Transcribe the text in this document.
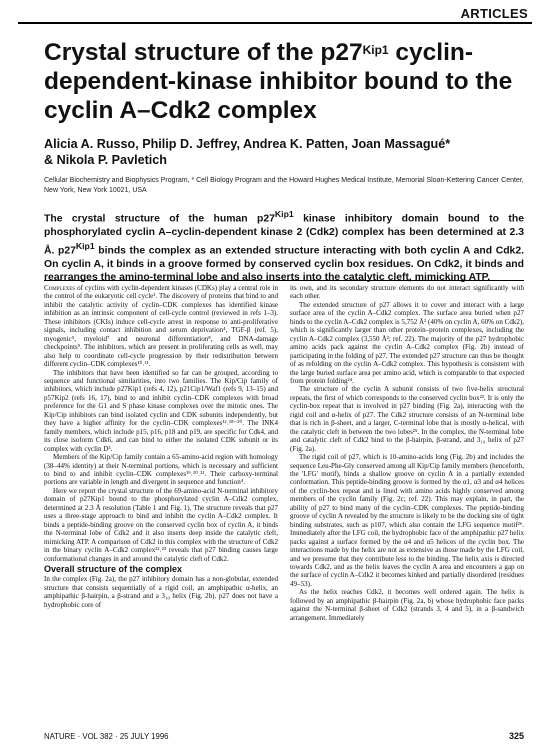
ARTICLES
Crystal structure of the $p27^{Kip1}$ cyclin-dependent-kinase inhibitor bound to the cyclin A–Cdk2 complex
Alicia A. Russo, Philip D. Jeffrey, Andrea K. Patten, Joan Massagué*
& Nikola P. Pavletich
Cellular Biochemistry and Biophysics Program, * Cell Biology Program and the Howard Hughes Medical Institute, Memorial Sloan-Kettering Cancer Center,
New York, New York 10021, USA
The crystal structure of the human $p27^{Kip1}$ kinase inhibitory domain bound to the phosphorylated cyclin A–cyclin-dependent kinase 2 (Cdk2) complex has been determined at 2.3 Å. $p27^{Kip1}$ binds the complex as an extended structure interacting with both cyclin A and Cdk2. On cyclin A, it binds in a groove formed by conserved cyclin box residues. On Cdk2, it binds and rearranges the amino-terminal lobe and also inserts into the catalytic cleft, mimicking ATP.

Complexes of cyclins with cyclin-dependent kinases (CDKs) play a central role in the control of the eukaryotic cell cycle¹. The discovery of proteins that bind to and inhibit the catalytic activity of cyclin–CDK complexes has identified kinase inhibition as an intrinsic component of cell-cycle control (reviewed in refs 1–3). These inhibitors (CKIs) induce cell-cycle arrest in response to anti-proliferative signals, including contact inhibition and serum deprivation⁴, TGF-β (ref. 5), myogenic⁵, myeloid⁷ and neuronal differentiation⁸, and DNA-damage checkpoints⁹. The inhibitors, which are present in proliferating cells as well, may also help to coordinate cell-cycle progression by their redistribution between different cyclin–CDK complexes¹⁰˒¹¹.

The inhibitors that have been identified so far can be grouped, according to sequence and functional similarities, into two families. The Kip/Cip family of inhibitors, which include p27Kip1 (refs 4, 12), p21Cip1/Waf1 (refs 9, 13–15) and p57Kip2 (refs 16, 17), bind to and inhibit cyclin–CDK complexes with broad preference for the G1 and S phase kinase complexes over the mitotic ones. The Kip/Cip inhibitors can bind isolated cyclin and CDK subunits independently, but they have a higher affinity for the cyclin–CDK complexes¹²˒¹⁸⁻²⁰. The INK4 family members, which include p15, p16, p18 and p19, are specific for Cdk4, and its close isoform Cdk6, and can bind to either the isolated CDK subunit or its complex with cyclin D³.

Members of the Kip/Cip family contain a 65-amino-acid region with homology (38–44% identity) at their N-terminal portions, which is necessary and sufficient to bind to and inhibit cyclin–CDK complexes¹⁹˒²⁰˒²¹. Their carboxy-terminal portions are variable in length and divergent in sequence and function⁴.

Here we report the crystal structure of the 69-amino-acid N-terminal inhibitory domain of p27Kip1 bound to the phosphorylated cyclin A–Cdk2 complex, determined at 2.3 Å resolution (Table 1 and Fig. 1). The structure reveals that p27 uses a three-stage approach to bind and inhibit the cyclin A–Cdk2 complex. It binds a peptide-binding groove on the conserved cyclin box of cyclin A, it binds the N-terminal lobe of Cdk2 and it also inserts deep inside the catalytic cleft, mimicking ATP. A comparison of Cdk2 in this complex with the structure of Cdk2 in the binary cyclin A–Cdk2 complex²²˒²³ reveals that p27 binding causes large conformational changes in and around the catalytic cleft of Cdk2.

Overall structure of the complex

In the complex (Fig. 2a), the p27 inhibitory domain has a non-globular, extended structure that consists sequentially of a rigid coil, an amphipathic α-helix, an amphipathic β-hairpin, a β-strand and a 3₁₀ helix (Fig. 2b). p27 does not have a hydrophobic core of

its own, and its secondary structure elements do not interact significantly with each other.

The extended structure of p27 allows it to cover and interact with a large surface area of the cyclin A–Cdk2 complex. The surface area buried when p27 binds to the cyclin A–Cdk2 complex is 5,752 Å² (40% on cyclin A, 60% on Cdk2), which is significantly larger than other protein–protein complexes, including the cyclin A–Cdk2 complex (3,550 Å²; ref. 22). The majority of the p27 hydrophobic amino acids pack against the cyclin A–Cdk2 complex (Fig. 2b) instead of participating in the folding of p27. The extended p27 structure can thus be thought of as refolding on the cyclin A–Cdk2 complex. This hypothesis is consistent with the large buried surface area per amino acid, which is comparable to that expected from protein folding²⁴.

The structure of the cyclin A subunit consists of two five-helix structural repeats, the first of which corresponds to the conserved cyclin box²². It is only the cyclin-box repeat that is involved in p27 binding (Fig. 2a), interacting with the rigid coil and α-helix of p27. The Cdk2 structure consists of an N-terminal lobe that is rich in β-sheet, and a larger, C-terminal lobe that is mostly α-helical, with the catalytic cleft in between the two lobes²⁵. In the complex, the N-terminal lobe and catalytic cleft of Cdk2 bind to the β-hairpin, β-strand, and 3₁₀ helix of p27 (Fig. 2a).

The rigid coil of p27, which is 10-amino-acids long (Fig. 2b) and includes the sequence Leu-Phe-Gly conserved among all Kip/Cip family members (henceforth, the 'LFG' motif), binds a shallow groove on cyclin A in a partially extended conformation. This peptide-binding groove is formed by the α1, α3 and α4 helices of the cyclin-box repeat and is lined with amino acids highly conserved among members of the cyclin family (Fig. 2c; ref. 22). This may explain, in part, the ability of p27 to bind many of the cyclin–CDK complexes. The peptide-binding groove of cyclin A revealed by the structure is likely to be the docking site of tight binding substrates, such as p107, which also contain the LFG sequence motif²⁶. Immediately after the LFG coil, the hydrophobic face of the amphipathic p27 helix packs against a surface formed by the α4 and α5 helices of the cyclin box. The interactions made by the helix are not as extensive as those made by the LFG coil, and we presume that they contribute less to the binding. The helix axis is directed towards Cdk2, and as the helix leaves the cyclin A area and encounters a gap on the surface of cyclin A–Cdk2 it becomes kinked and partially disordered (residues 49–53).

As the helix reaches Cdk2, it becomes well ordered again. The helix is followed by an amphipathic β-hairpin (Fig. 2a, b) whose hydrophobic face packs against the N-terminal β-sheet of Cdk2 (strands 3, 4 and 5), in a β-sandwich arrangement. Immediately

NATURE · VOL 382 · 25 JULY 1996	325
